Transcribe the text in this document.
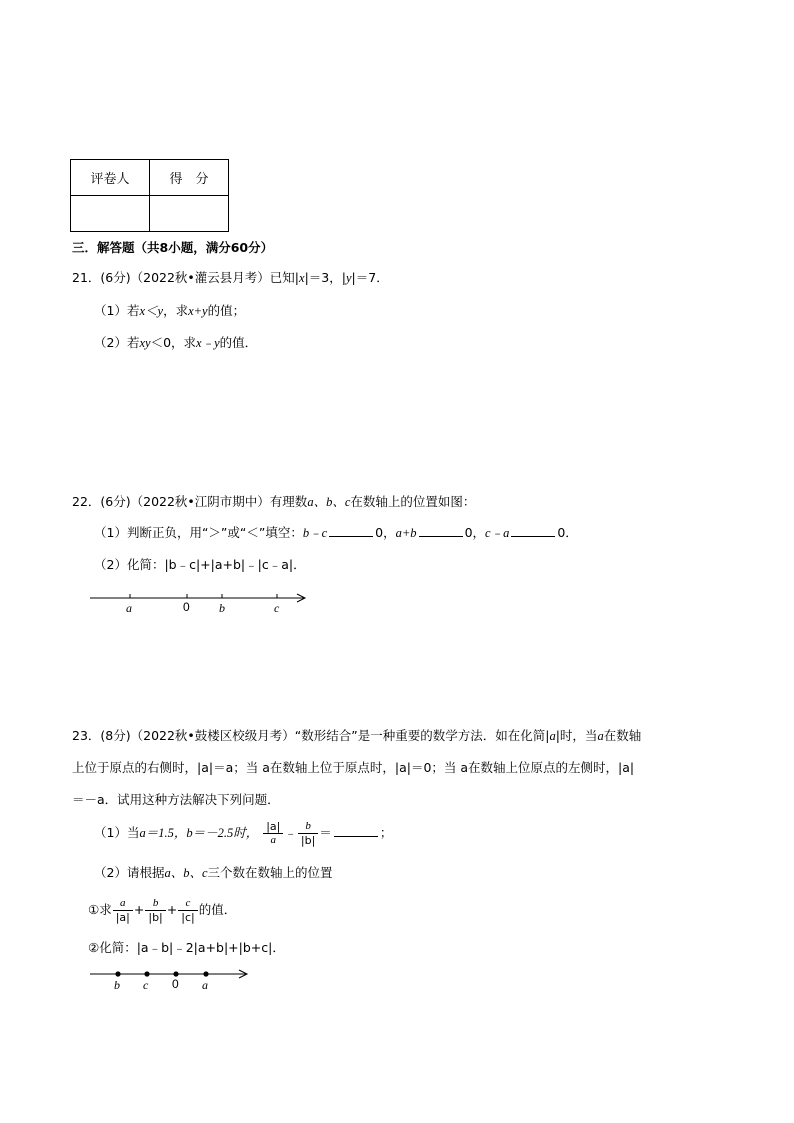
评卷人	得　分

三．解答题（共8小题，满分60分）
21．(6分)（2022秋•灌云县月考）已知|x|＝3，|y|＝7．
（1）若x＜y，求x+y的值；
（2）若xy＜0，求x﹣y的值．
22．(6分)（2022秋•江阴市期中）有理数a、b、c在数轴上的位置如图：
（1）判断正负，用“＞”或“＜”填空：b﹣c	0，a+b	0，c﹣a	0．
（2）化简：|b﹣c|+|a+b|﹣|c﹣a|．
a	0 b	c
23．(8分)（2022秋•鼓楼区校级月考）“数形结合”是一种重要的数学方法．如在化简|a|时，当a在数轴
上位于原点的右侧时，|a|＝a；当 a在数轴上位于原点时，|a|＝0；当 a在数轴上位原点的左侧时，|a|
＝－a．试用这种方法解决下列问题．
（1）当a＝1.5，b＝－2.5时， $\frac{|a|}{a}$ ﹣ $\frac{b}{|b|}$ ＝	；
（2）请根据a、b、c三个数在数轴上的位置
①求 $\frac{a}{|a|} + \frac{b}{|b|} + \frac{c}{|c|}$ 的值．
②化简：|a﹣b|﹣2|a+b|+|b+c|．
b c 0 a
